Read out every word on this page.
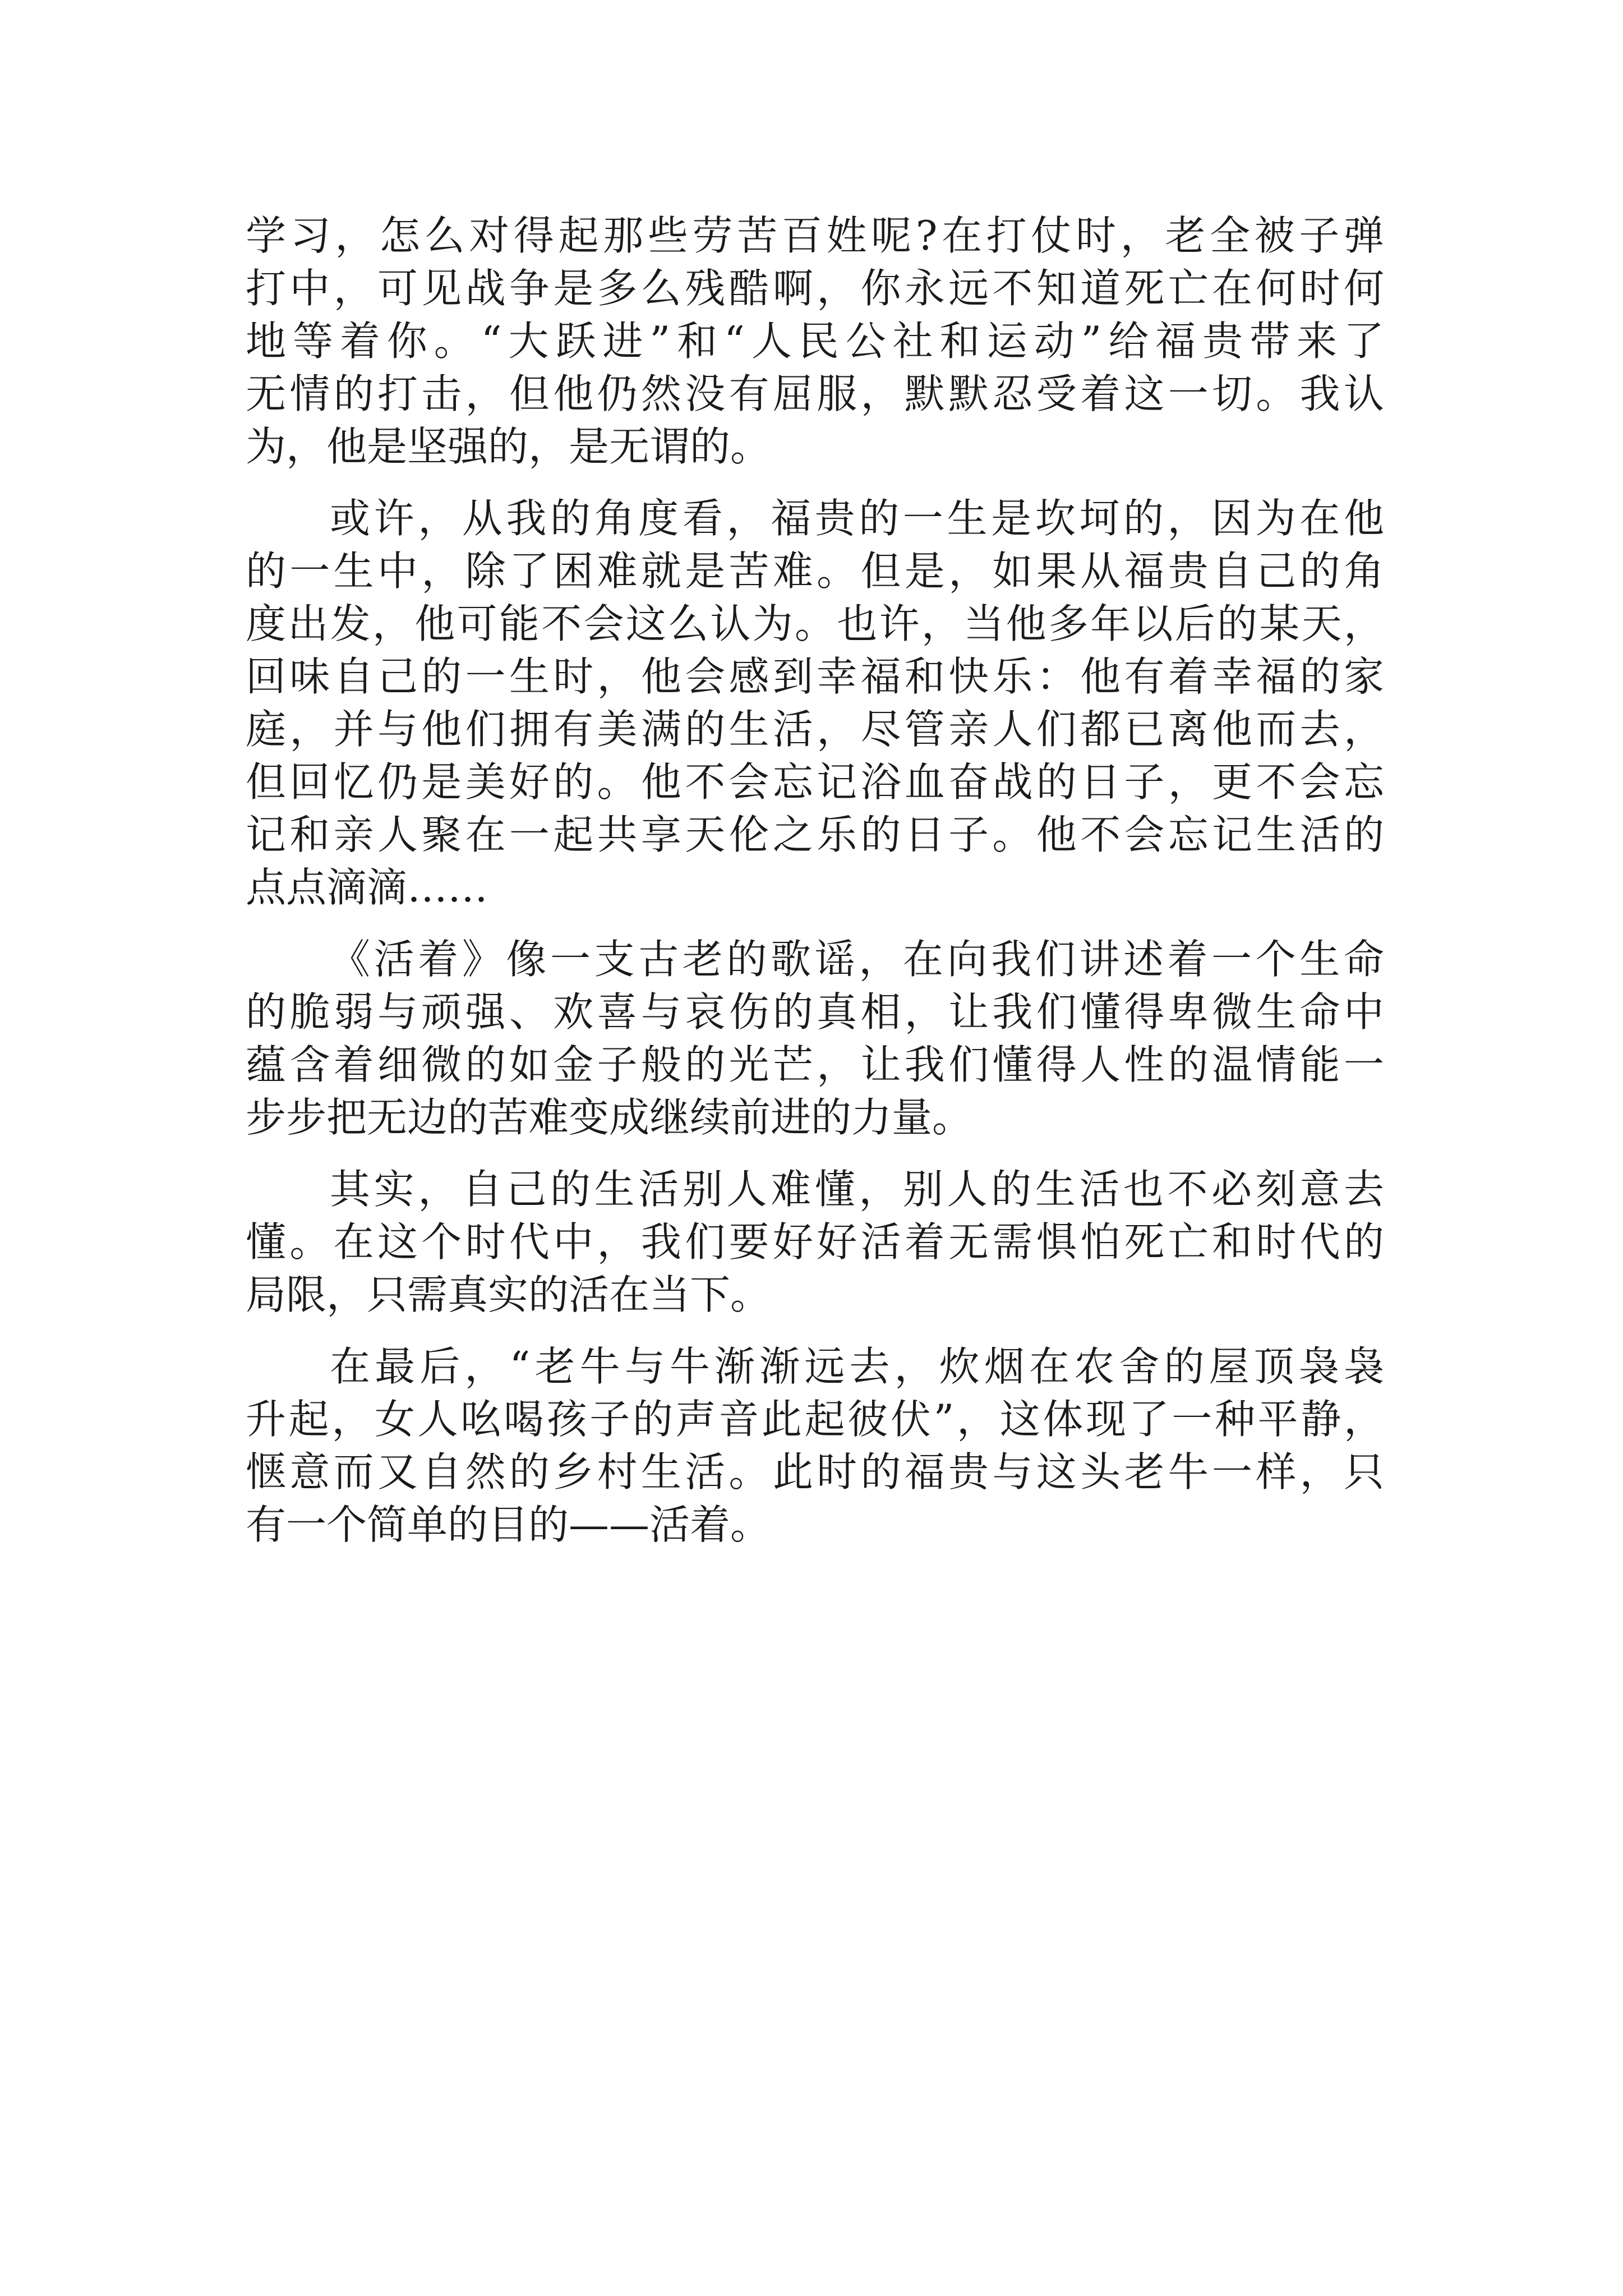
学习，怎么对得起那些劳苦百姓呢?在打仗时，老全被子弹
打中，可见战争是多么残酷啊，你永远不知道死亡在何时何
地等着你。“大跃进”和“人民公社和运动”给福贵带来了
无情的打击，但他仍然没有屈服，默默忍受着这一切。我认
为，他是坚强的，是无谓的。
或许，从我的角度看，福贵的一生是坎坷的，因为在他
的一生中，除了困难就是苦难。但是，如果从福贵自己的角
度出发，他可能不会这么认为。也许，当他多年以后的某天，
回味自己的一生时，他会感到幸福和快乐：他有着幸福的家
庭，并与他们拥有美满的生活，尽管亲人们都已离他而去，
但回忆仍是美好的。他不会忘记浴血奋战的日子，更不会忘
记和亲人聚在一起共享天伦之乐的日子。他不会忘记生活的
点点滴滴……
《活着》像一支古老的歌谣，在向我们讲述着一个生命
的脆弱与顽强、欢喜与哀伤的真相，让我们懂得卑微生命中
蕴含着细微的如金子般的光芒，让我们懂得人性的温情能一
步步把无边的苦难变成继续前进的力量。
其实，自己的生活别人难懂，别人的生活也不必刻意去
懂。在这个时代中，我们要好好活着无需惧怕死亡和时代的
局限，只需真实的活在当下。
在最后，“老牛与牛渐渐远去，炊烟在农舍的屋顶袅袅
升起，女人吆喝孩子的声音此起彼伏”，这体现了一种平静，
惬意而又自然的乡村生活。此时的福贵与这头老牛一样，只
有一个简单的目的——活着。
